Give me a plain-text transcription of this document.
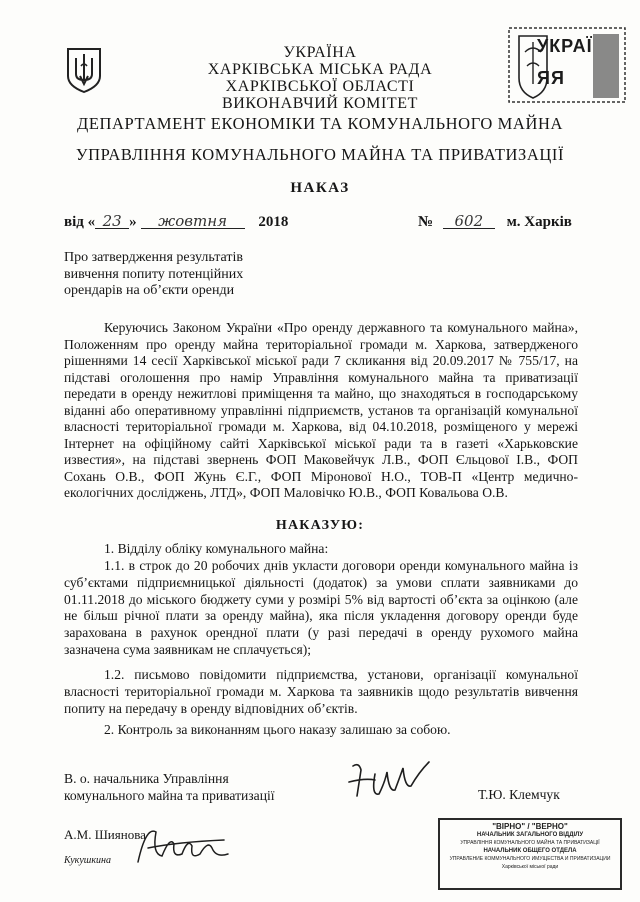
УКРАЇ
ЯЯ
УКРАЇНА
ХАРКІВСЬКА МІСЬКА РАДА
ХАРКІВСЬКОЇ ОБЛАСТІ
ВИКОНАВЧИЙ КОМІТЕТ
ДЕПАРТАМЕНТ ЕКОНОМІКИ ТА КОМУНАЛЬНОГО МАЙНА
УПРАВЛІННЯ КОМУНАЛЬНОГО МАЙНА ТА ПРИВАТИЗАЦІЇ
НАКАЗ
від « 23 » жовтня 2018	№ 602 м. Харків
Про затвердження результатів вивчення попиту потенційних орендарів на об’єкти оренди
Керуючись Законом України «Про оренду державного та комунального майна», Положенням про оренду майна територіальної громади м. Харкова, затвердженого рішеннями 14 сесії Харківської міської ради 7 скликання від 20.09.2017 № 755/17, на підставі оголошення про намір Управління комунального майна та приватизації передати в оренду нежитлові приміщення та майно, що знаходяться в господарському віданні або оперативному управлінні підприємств, установ та організацій комунальної власності територіальної громади м. Харкова, від 04.10.2018, розміщеного у мережі Інтернет на офіційному сайті Харківської міської ради та в газеті «Харьковские известия», на підставі звернень ФОП Маковейчук Л.В., ФОП Єльцової І.В., ФОП Сохань О.В., ФОП Жунь Є.Г., ФОП Міронової Н.О., ТОВ-П «Центр медично-екологічних досліджень, ЛТД», ФОП Маловічко Ю.В., ФОП Ковальова О.В.
НАКАЗУЮ:
1. Відділу обліку комунального майна:
1.1. в строк до 20 робочих днів укласти договори оренди комунального майна із суб’єктами підприємницької діяльності (додаток) за умови сплати заявниками до 01.11.2018 до міського бюджету суми у розмірі 5% від вартості об’єкта за оцінкою (але не більш річної плати за оренду майна), яка після укладення договору оренди буде зарахована в рахунок орендної плати (у разі передачі в оренду рухомого майна зазначена сума заявникам не сплачується);
1.2. письмово повідомити підприємства, установи, організації комунальної власності територіальної громади м. Харкова та заявників щодо результатів вивчення попиту на передачу в оренду відповідних об’єктів.
2. Контроль за виконанням цього наказу залишаю за собою.
В. о. начальника Управління
комунального майна та приватизації	Т.Ю. Клемчук
А.М. Шиянова
Кукушкина
"ВІРНО" / "ВЕРНО"
НАЧАЛЬНИК ЗАГАЛЬНОГО ВІДДІЛУ
УПРАВЛІННЯ КОМУНАЛЬНОГО МАЙНА ТА ПРИВАТИЗАЦІЇ
НАЧАЛЬНИК ОБЩЕГО ОТДЕЛА
УПРАВЛЕНИЕ КОММУНАЛЬНОГО ИМУЩЕСТВА И ПРИВАТИЗАЦИИ
Харківської міської ради
